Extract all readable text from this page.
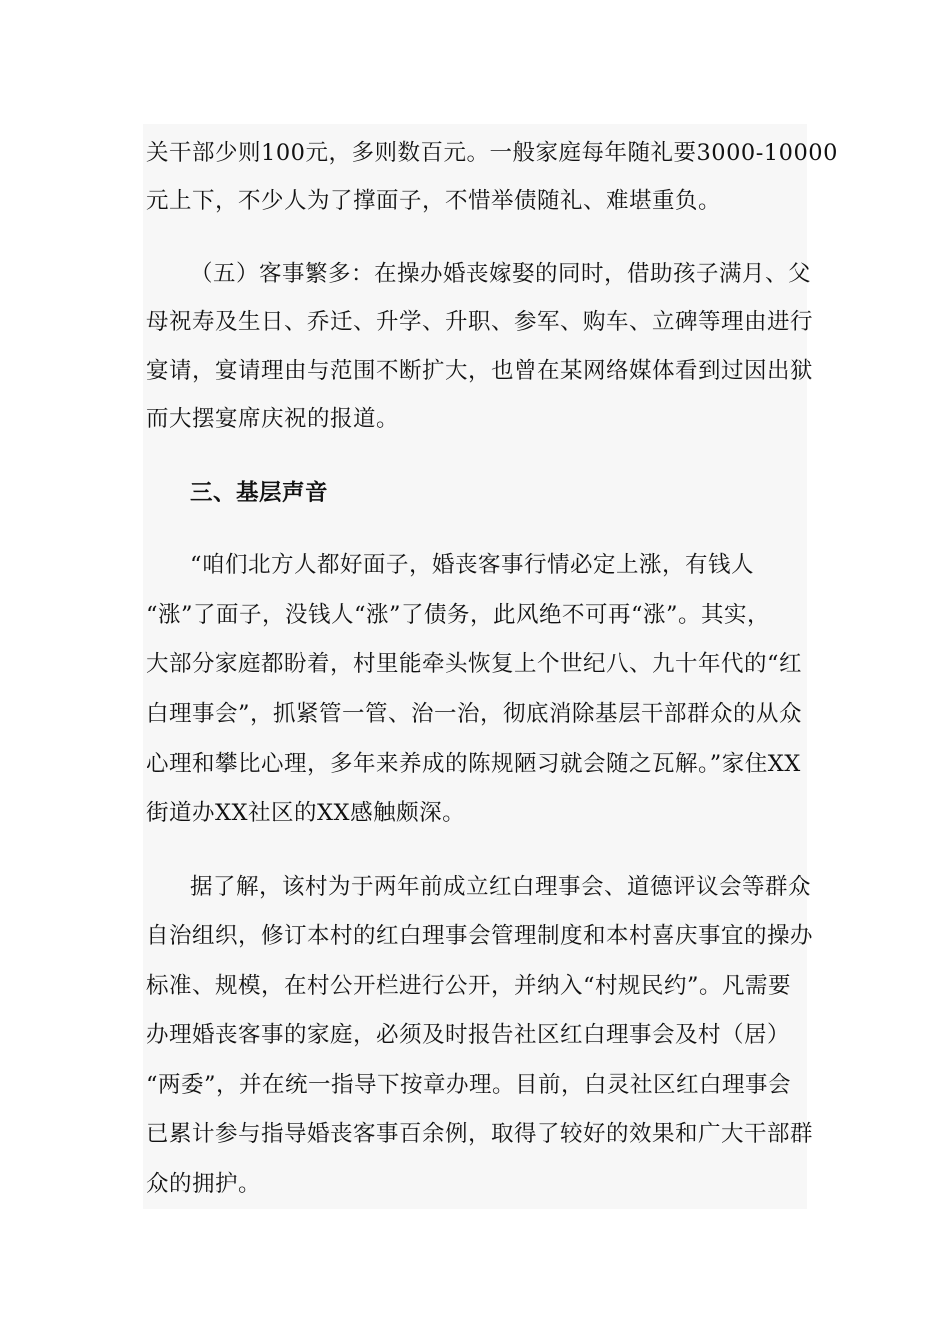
关干部少则100元，多则数百元。一般家庭每年随礼要3000-10000
元上下，不少人为了撑面子，不惜举债随礼、难堪重负。
（五）客事繁多：在操办婚丧嫁娶的同时，借助孩子满月、父
母祝寿及生日、乔迁、升学、升职、参军、购车、立碑等理由进行
宴请，宴请理由与范围不断扩大，也曾在某网络媒体看到过因出狱
而大摆宴席庆祝的报道。
三、基层声音
“咱们北方人都好面子，婚丧客事行情必定上涨，有钱人
“涨”了面子，没钱人“涨”了债务，此风绝不可再“涨”。其实，
大部分家庭都盼着，村里能牵头恢复上个世纪八、九十年代的“红
白理事会”，抓紧管一管、治一治，彻底消除基层干部群众的从众
心理和攀比心理，多年来养成的陈规陋习就会随之瓦解。”家住XX
街道办XX社区的XX感触颇深。
据了解，该村为于两年前成立红白理事会、道德评议会等群众
自治组织，修订本村的红白理事会管理制度和本村喜庆事宜的操办
标准、规模，在村公开栏进行公开，并纳入“村规民约”。凡需要
办理婚丧客事的家庭，必须及时报告社区红白理事会及村（居）
“两委”，并在统一指导下按章办理。目前，白灵社区红白理事会
已累计参与指导婚丧客事百余例，取得了较好的效果和广大干部群
众的拥护。
